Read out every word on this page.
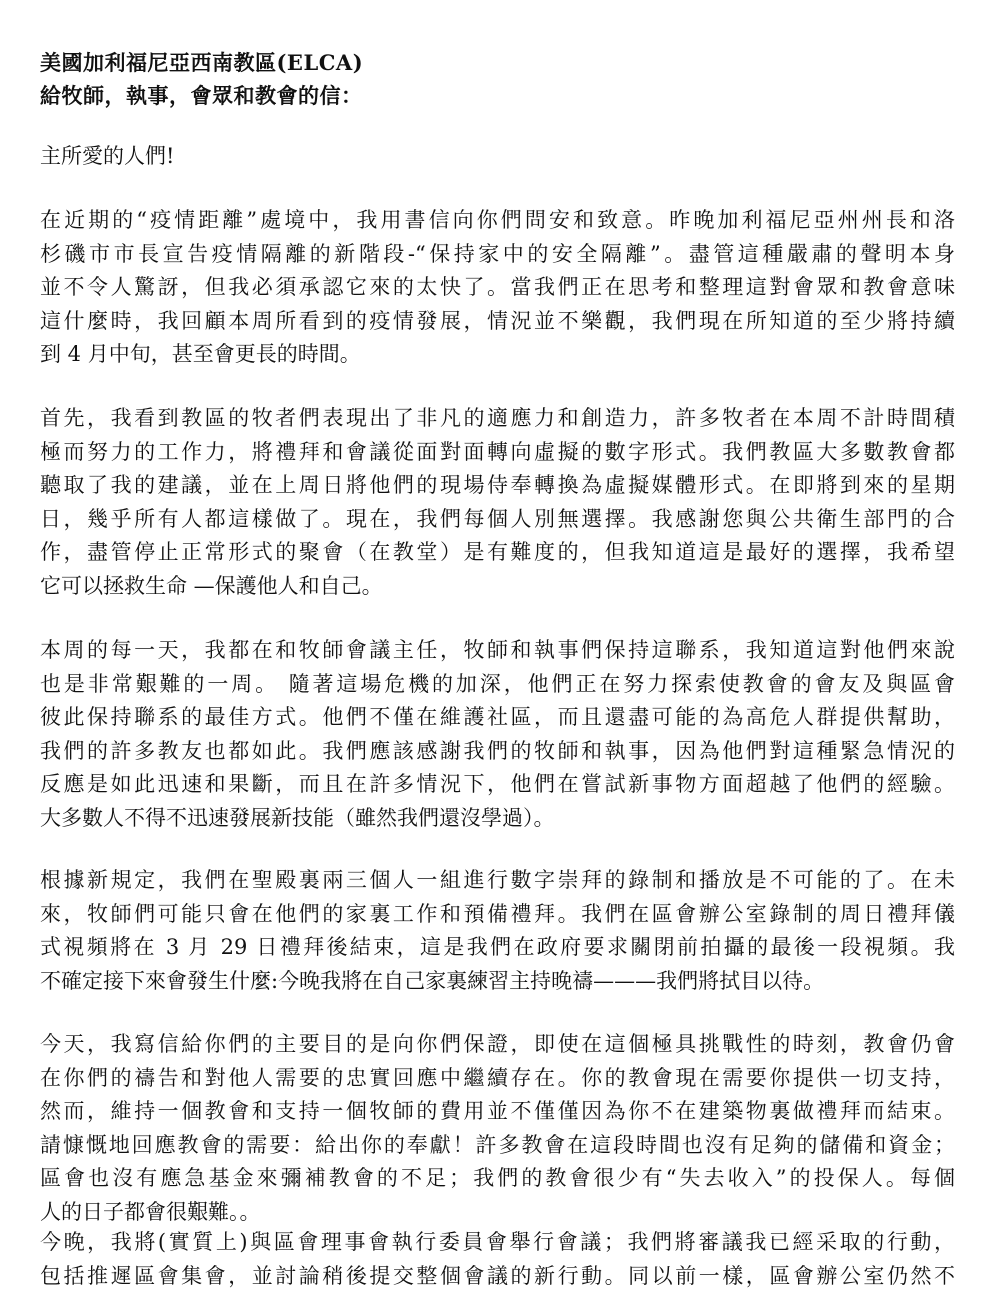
美國加利福尼亞西南教區(ELCA)
給牧師，執事，會眾和教會的信：
主所愛的人們!
在近期的“疫情距離”處境中，我用書信向你們問安和致意。昨晚加利福尼亞州州長和洛
杉磯市市長宣告疫情隔離的新階段-“保持家中的安全隔離”。盡管這種嚴肅的聲明本身
並不令人驚訝，但我必須承認它來的太快了。當我們正在思考和整理這對會眾和教會意味
這什麼時，我回顧本周所看到的疫情發展，情況並不樂觀，我們現在所知道的至少將持續
到 4 月中旬，甚至會更長的時間。
首先，我看到教區的牧者們表現出了非凡的適應力和創造力，許多牧者在本周不計時間積
極而努力的工作力，將禮拜和會議從面對面轉向虛擬的數字形式。我們教區大多數教會都
聽取了我的建議，並在上周日將他們的現場侍奉轉換為虛擬媒體形式。在即將到來的星期
日，幾乎所有人都這樣做了。現在，我們每個人別無選擇。我感謝您與公共衛生部門的合
作，盡管停止正常形式的聚會（在教堂）是有難度的，但我知道這是最好的選擇，我希望
它可以拯救生命 —保護他人和自己。
本周的每一天，我都在和牧師會議主任，牧師和執事們保持這聯系，我知道這對他們來說
也是非常艱難的一周。 隨著這場危機的加深，他們正在努力探索使教會的會友及與區會
彼此保持聯系的最佳方式。他們不僅在維護社區，而且還盡可能的為高危人群提供幫助，
我們的許多教友也都如此。我們應該感謝我們的牧師和執事，因為他們對這種緊急情況的
反應是如此迅速和果斷，而且在許多情況下，他們在嘗試新事物方面超越了他們的經驗。
大多數人不得不迅速發展新技能（雖然我們還沒學過）。
根據新規定，我們在聖殿裏兩三個人一組進行數字崇拜的錄制和播放是不可能的了。在未
來，牧師們可能只會在他們的家裏工作和預備禮拜。我們在區會辦公室錄制的周日禮拜儀
式視頻將在 3 月 29 日禮拜後結束，這是我們在政府要求關閉前拍攝的最後一段視頻。我
不確定接下來會發生什麼:今晚我將在自己家裏練習主持晚禱———我們將拭目以待。
今天，我寫信給你們的主要目的是向你們保證，即使在這個極具挑戰性的時刻，教會仍會
在你們的禱告和對他人需要的忠實回應中繼續存在。你的教會現在需要你提供一切支持，
然而，維持一個教會和支持一個牧師的費用並不僅僅因為你不在建築物裏做禮拜而結束。
請慷慨地回應教會的需要：給出你的奉獻！許多教會在這段時間也沒有足夠的儲備和資金；
區會也沒有應急基金來彌補教會的不足；我們的教會很少有“失去收入”的投保人。每個
人的日子都會很艱難。。
今晚，我將(實質上)與區會理事會執行委員會舉行會議；我們將審議我已經采取的行動，
包括推遲區會集會，並討論稍後提交整個會議的新行動。同以前一樣，區會辦公室仍然不
